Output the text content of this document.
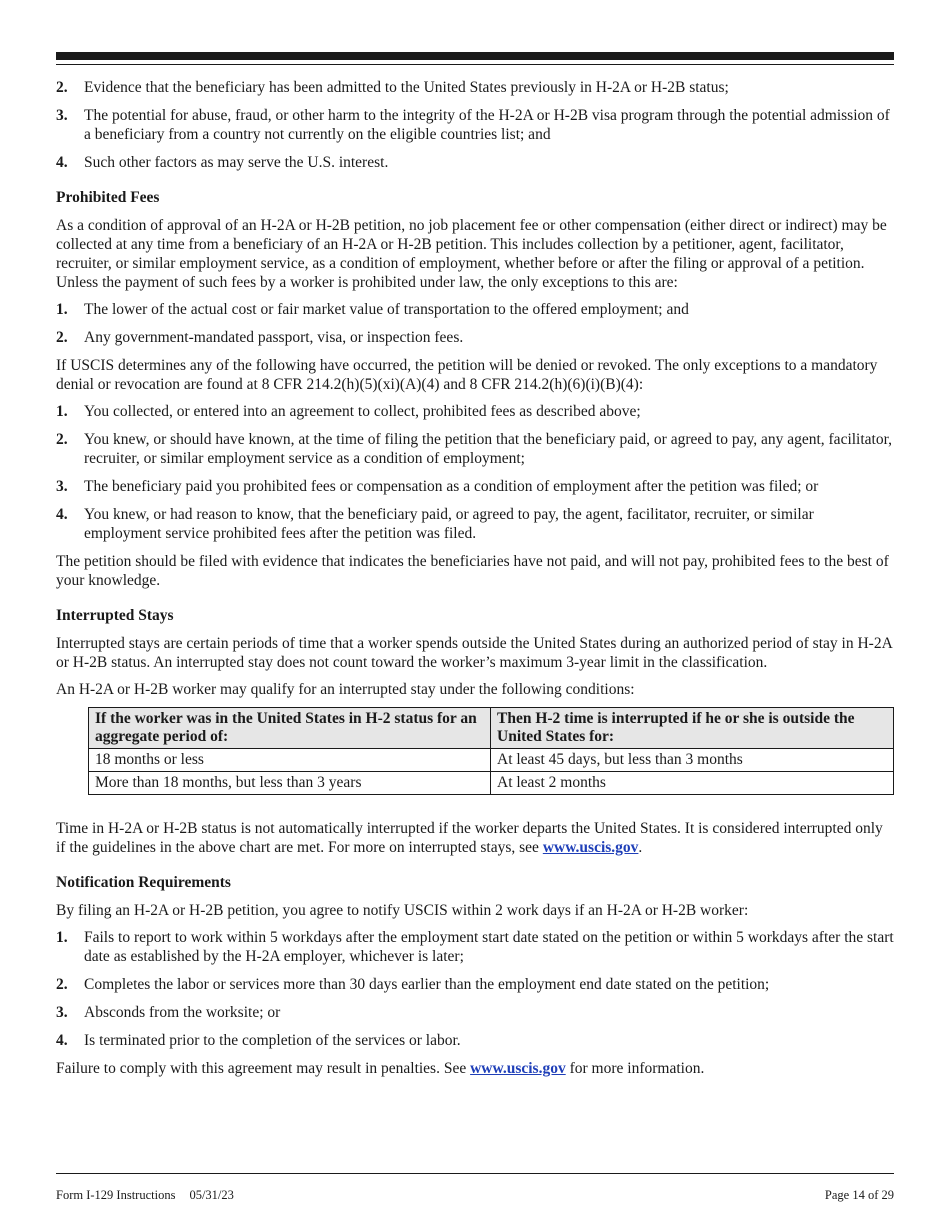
2. Evidence that the beneficiary has been admitted to the United States previously in H-2A or H-2B status;
3. The potential for abuse, fraud, or other harm to the integrity of the H-2A or H-2B visa program through the potential admission of a beneficiary from a country not currently on the eligible countries list; and
4. Such other factors as may serve the U.S. interest.
Prohibited Fees

As a condition of approval of an H-2A or H-2B petition, no job placement fee or other compensation (either direct or indirect) may be collected at any time from a beneficiary of an H-2A or H-2B petition. This includes collection by a petitioner, agent, facilitator, recruiter, or similar employment service, as a condition of employment, whether before or after the filing or approval of a petition. Unless the payment of such fees by a worker is prohibited under law, the only exceptions to this are:

1. The lower of the actual cost or fair market value of transportation to the offered employment; and
2. Any government-mandated passport, visa, or inspection fees.

If USCIS determines any of the following have occurred, the petition will be denied or revoked. The only exceptions to a mandatory denial or revocation are found at 8 CFR 214.2(h)(5)(xi)(A)(4) and 8 CFR 214.2(h)(6)(i)(B)(4):

1. You collected, or entered into an agreement to collect, prohibited fees as described above;
2. You knew, or should have known, at the time of filing the petition that the beneficiary paid, or agreed to pay, any agent, facilitator, recruiter, or similar employment service as a condition of employment;
3. The beneficiary paid you prohibited fees or compensation as a condition of employment after the petition was filed; or
4. You knew, or had reason to know, that the beneficiary paid, or agreed to pay, the agent, facilitator, recruiter, or similar employment service prohibited fees after the petition was filed.

The petition should be filed with evidence that indicates the beneficiaries have not paid, and will not pay, prohibited fees to the best of your knowledge.

Interrupted Stays

Interrupted stays are certain periods of time that a worker spends outside the United States during an authorized period of stay in H-2A or H-2B status. An interrupted stay does not count toward the worker’s maximum 3-year limit in the classification.

An H-2A or H-2B worker may qualify for an interrupted stay under the following conditions:

If the worker was in the United States in H-2 status for an aggregate period of:	Then H-2 time is interrupted if he or she is outside the United States for:
18 months or less	At least 45 days, but less than 3 months
More than 18 months, but less than 3 years	At least 2 months

Time in H-2A or H-2B status is not automatically interrupted if the worker departs the United States. It is considered interrupted only if the guidelines in the above chart are met. For more on interrupted stays, see www.uscis.gov.

Notification Requirements

By filing an H-2A or H-2B petition, you agree to notify USCIS within 2 work days if an H-2A or H-2B worker:

1. Fails to report to work within 5 workdays after the employment start date stated on the petition or within 5 workdays after the start date as established by the H-2A employer, whichever is later;
2. Completes the labor or services more than 30 days earlier than the employment end date stated on the petition;
3. Absconds from the worksite; or
4. Is terminated prior to the completion of the services or labor.

Failure to comply with this agreement may result in penalties. See www.uscis.gov for more information.

Form I-129 Instructions 05/31/23	Page 14 of 29
